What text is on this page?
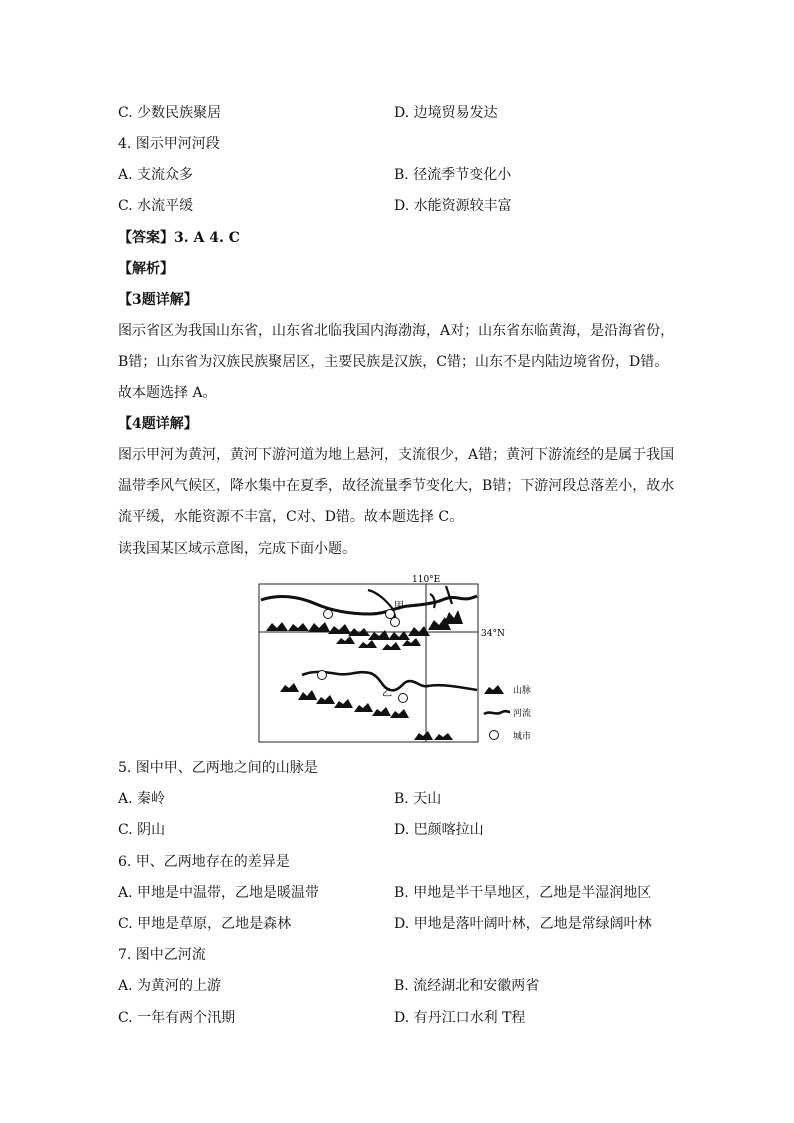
C. 少数民族聚居	D. 边境贸易发达
4. 图示甲河河段
A. 支流众多	B. 径流季节变化小
C. 水流平缓	D. 水能资源较丰富
【答案】3. A 4. C
【解析】
【3题详解】
图示省区为我国山东省，山东省北临我国内海渤海，A对；山东省东临黄海，是沿海省份，
B错；山东省为汉族民族聚居区，主要民族是汉族，C错；山东不是内陆边境省份，D错。
故本题选择 A。
【4题详解】
图示甲河为黄河，黄河下游河道为地上悬河，支流很少，A错；黄河下游流经的是属于我国
温带季风气候区，降水集中在夏季，故径流量季节变化大，B错；下游河段总落差小，故水
流平缓，水能资源不丰富，C对、D错。故本题选择 C。
读我国某区域示意图，完成下面小题。
110°E
34°N
甲
乙	山脉
河流
城市
5. 图中甲、乙两地之间的山脉是
A. 秦岭	B. 天山
C. 阴山	D. 巴颜喀拉山
6. 甲、乙两地存在的差异是
A. 甲地是中温带，乙地是暖温带	B. 甲地是半干旱地区，乙地是半湿润地区
C. 甲地是草原，乙地是森林	D. 甲地是落叶阔叶林，乙地是常绿阔叶林
7. 图中乙河流
A. 为黄河的上游	B. 流经湖北和安徽两省
C. 一年有两个汛期	D. 有丹江口水利 T程
